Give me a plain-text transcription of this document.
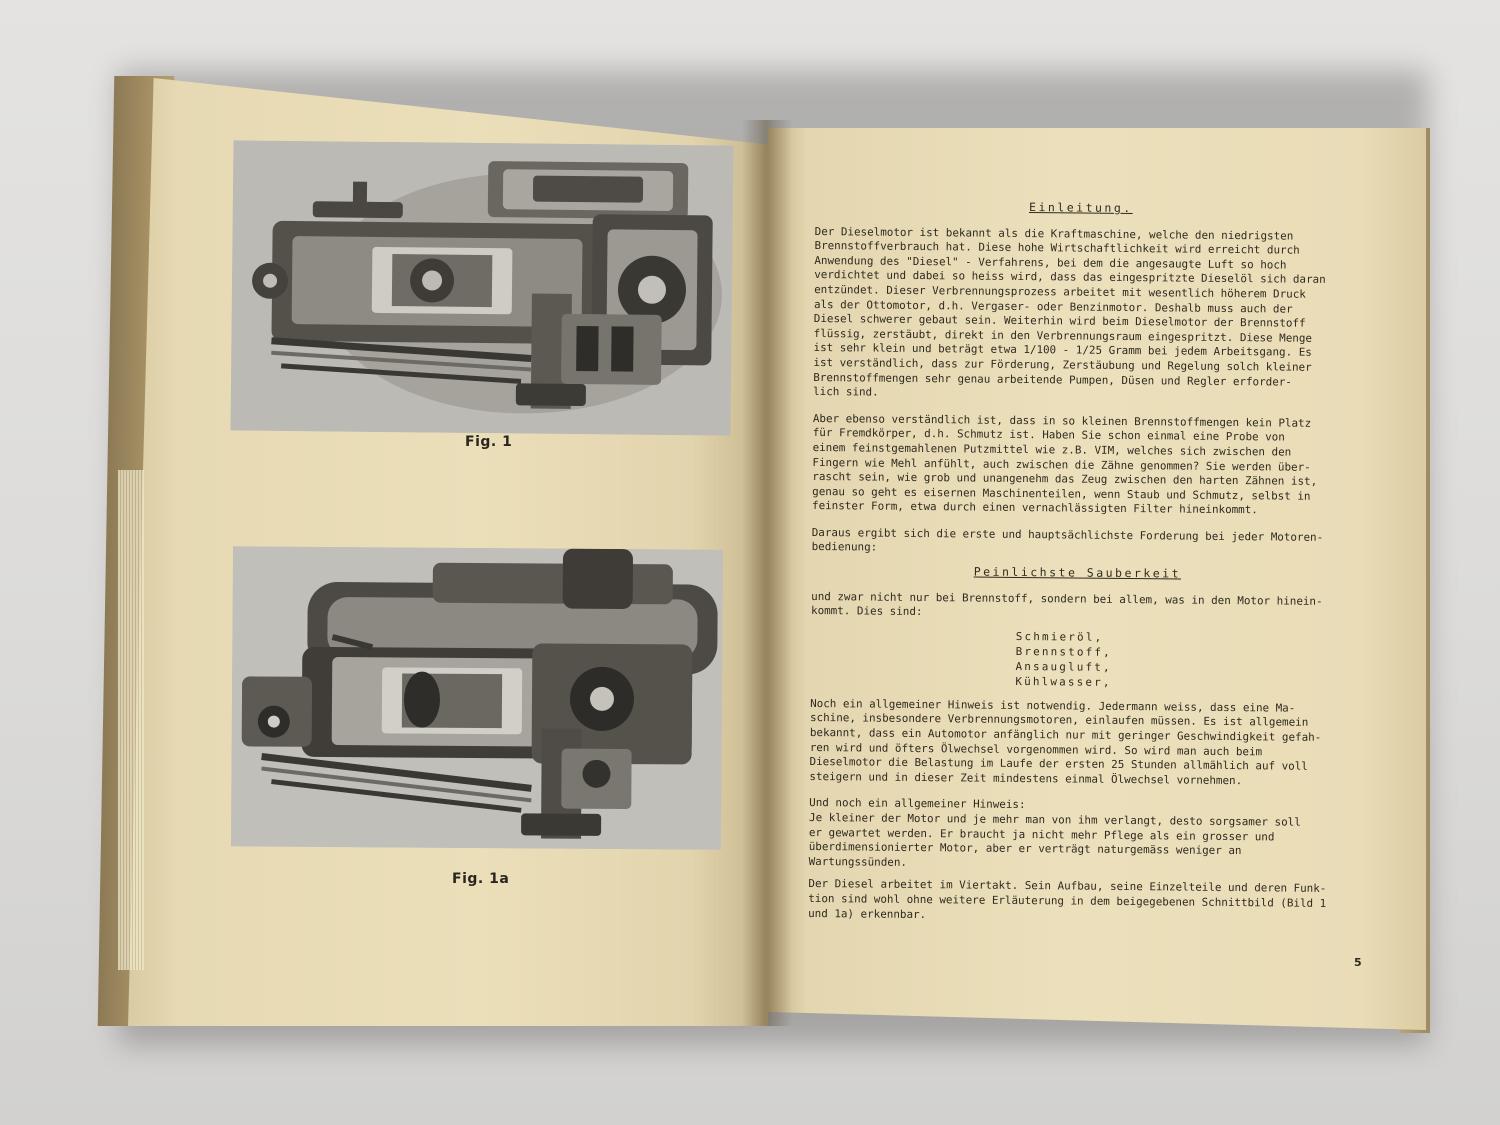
Fig. 1
Fig. 1a
Einleitung.
Der Dieselmotor ist bekannt als die Kraftmaschine, welche den niedrigsten
Brennstoffverbrauch hat. Diese hohe Wirtschaftlichkeit wird erreicht durch
Anwendung des "Diesel" - Verfahrens, bei dem die angesaugte Luft so hoch
verdichtet und dabei so heiss wird, dass das eingespritzte Dieselöl sich daran
entzündet. Dieser Verbrennungsprozess arbeitet mit wesentlich höherem Druck
als der Ottomotor, d.h. Vergaser- oder Benzinmotor. Deshalb muss auch der
Diesel schwerer gebaut sein. Weiterhin wird beim Dieselmotor der Brennstoff
flüssig, zerstäubt, direkt in den Verbrennungsraum eingespritzt. Diese Menge
ist sehr klein und beträgt etwa 1/100 - 1/25 Gramm bei jedem Arbeitsgang. Es
ist verständlich, dass zur Förderung, Zerstäubung und Regelung solch kleiner
Brennstoffmengen sehr genau arbeitende Pumpen, Düsen und Regler erforder-
lich sind.
Aber ebenso verständlich ist, dass in so kleinen Brennstoffmengen kein Platz
für Fremdkörper, d.h. Schmutz ist. Haben Sie schon einmal eine Probe von
einem feinstgemahlenen Putzmittel wie z.B. VIM, welches sich zwischen den
Fingern wie Mehl anfühlt, auch zwischen die Zähne genommen? Sie werden über-
rascht sein, wie grob und unangenehm das Zeug zwischen den harten Zähnen ist,
genau so geht es eisernen Maschinenteilen, wenn Staub und Schmutz, selbst in
feinster Form, etwa durch einen vernachlässigten Filter hineinkommt.
Daraus ergibt sich die erste und hauptsächlichste Forderung bei jeder Motoren-
bedienung:
Peinlichste Sauberkeit
und zwar nicht nur bei Brennstoff, sondern bei allem, was in den Motor hinein-
kommt. Dies sind:
Schmieröl,
Brennstoff,
Ansaugluft,
Kühlwasser,
Noch ein allgemeiner Hinweis ist notwendig. Jedermann weiss, dass eine Ma-
schine, insbesondere Verbrennungsmotoren, einlaufen müssen. Es ist allgemein
bekannt, dass ein Automotor anfänglich nur mit geringer Geschwindigkeit gefah-
ren wird und öfters Ölwechsel vorgenommen wird. So wird man auch beim
Dieselmotor die Belastung im Laufe der ersten 25 Stunden allmählich auf voll
steigern und in dieser Zeit mindestens einmal Ölwechsel vornehmen.
Und noch ein allgemeiner Hinweis:
Je kleiner der Motor und je mehr man von ihm verlangt, desto sorgsamer soll
er gewartet werden. Er braucht ja nicht mehr Pflege als ein grosser und
überdimensionierter Motor, aber er verträgt naturgemäss weniger an
Wartungssünden.
Der Diesel arbeitet im Viertakt. Sein Aufbau, seine Einzelteile und deren Funk-
tion sind wohl ohne weitere Erläuterung in dem beigegebenen Schnittbild (Bild 1
und 1a) erkennbar.
5
